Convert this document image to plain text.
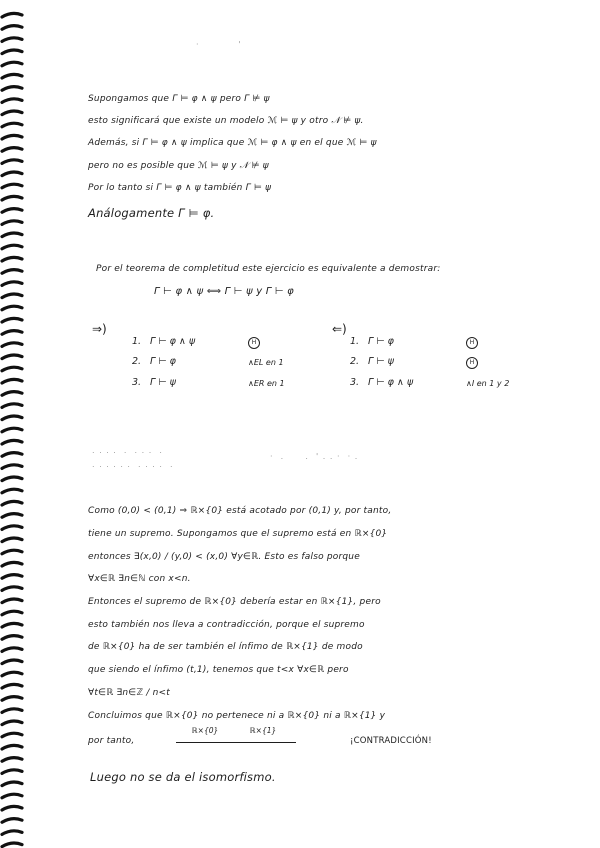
·           '
Supongamos que Γ ⊨ φ ∧ ψ pero Γ ⊭ ψ
esto significará que existe un modelo ℳ ⊨ ψ y otro 𝒩 ⊭ ψ.
Además, si Γ ⊨ φ ∧ ψ implica que ℳ ⊨ φ ∧ ψ en el que ℳ ⊨ ψ
pero no es posible que ℳ ⊨ ψ y 𝒩 ⊭ ψ
Por lo tanto si Γ ⊨ φ ∧ ψ también Γ ⊨ ψ
Análogamente Γ ⊨ φ.
Por el teorema de completitud este ejercicio es equivalente a demostrar:
Γ ⊢ φ ∧ ψ ⟺ Γ ⊢ ψ y Γ ⊢ φ
⇒)	⇐)
1. Γ ⊢ φ ∧ ψ	H
2. Γ ⊢ φ	∧EL en 1
3. Γ ⊢ ψ	∧ER en 1
1. Γ ⊢ φ	H
2. Γ ⊢ ψ	H
3. Γ ⊢ φ ∧ ψ	∧I en 1 y 2
. . . .  .  . . .  .
. . . . . .  . . . .  .
·  .      .  ' . . ·  · .
Como (0,0) < (0,1) ⇒ ℝ×{0} está acotado por (0,1) y, por tanto,
tiene un supremo. Supongamos que el supremo está en ℝ×{0}
entonces ∃(x,0) / (y,0) < (x,0) ∀y∈ℝ. Esto es falso porque
∀x∈ℝ ∃n∈ℕ con x<n.
Entonces el supremo de ℝ×{0} debería estar en ℝ×{1}, pero
esto también nos lleva a contradicción, porque el supremo
de ℝ×{0} ha de ser también el ínfimo de ℝ×{1} de modo
que siendo el ínfimo (t,1), tenemos que t<x ∀x∈ℝ pero
∀t∈ℝ ∃n∈ℤ / n<t
Concluimos que ℝ×{0} no pertenece ni a ℝ×{0} ni a ℝ×{1} y
por tanto,
ℝ×{0}	ℝ×{1}
¡CONTRADICCIÓN!
Luego no se da el isomorfismo.
